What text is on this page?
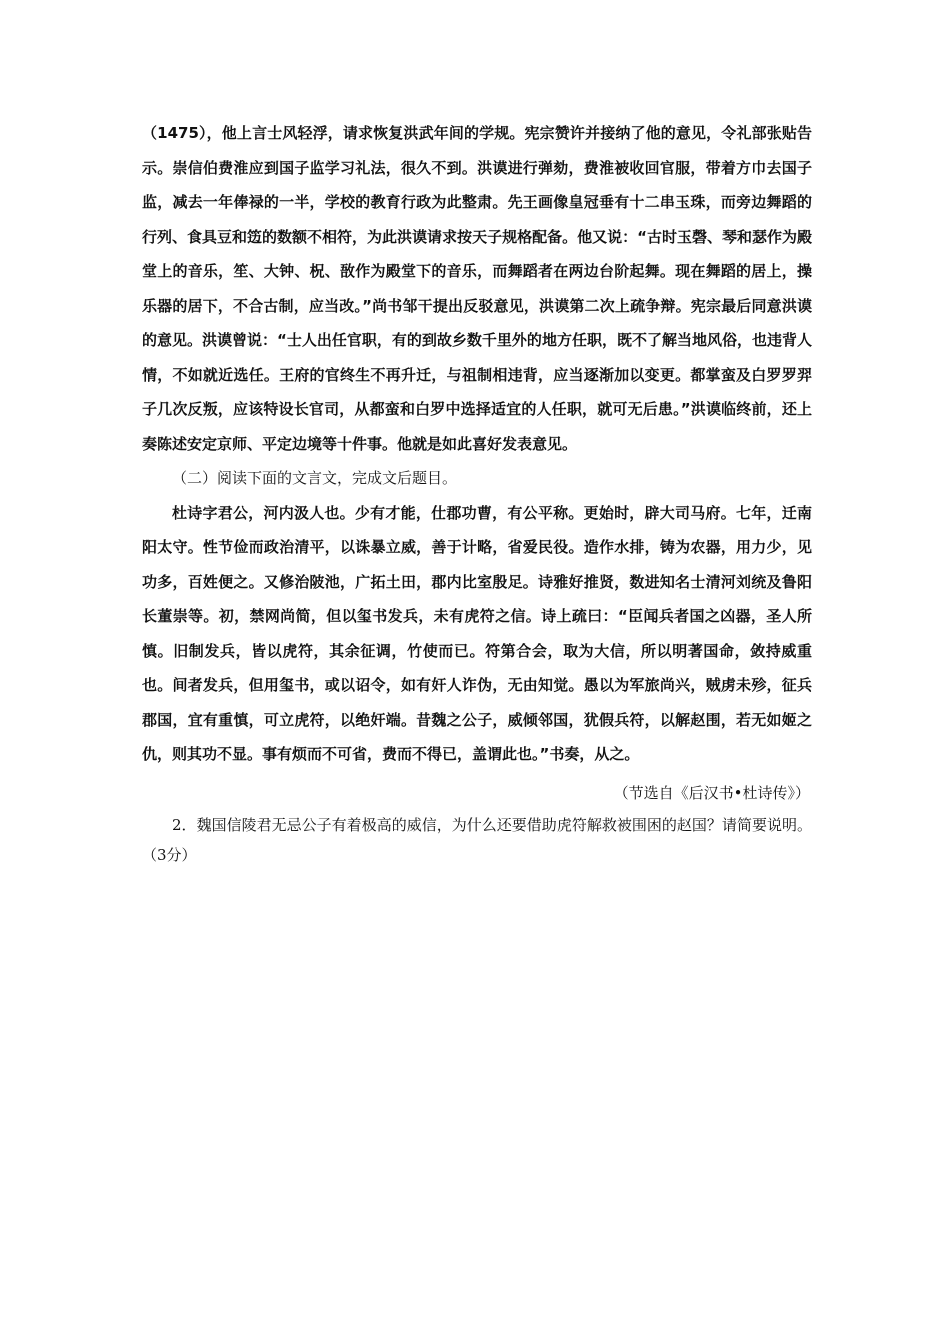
（1475），他上言士风轻浮，请求恢复洪武年间的学规。宪宗赞许并接纳了他的意见，令礼部张贴告示。崇信伯费淮应到国子监学习礼法，很久不到。洪谟进行弹劾，费淮被收回官服，带着方巾去国子监，减去一年俸禄的一半，学校的教育行政为此整肃。先王画像皇冠垂有十二串玉珠，而旁边舞蹈的行列、食具豆和笾的数额不相符，为此洪谟请求按天子规格配备。他又说：“古时玉磬、琴和瑟作为殿堂上的音乐，笙、大钟、柷、敔作为殿堂下的音乐，而舞蹈者在两边台阶起舞。现在舞蹈的居上，操乐器的居下，不合古制，应当改。”尚书邹干提出反驳意见，洪谟第二次上疏争辩。宪宗最后同意洪谟的意见。洪谟曾说：“士人出任官职，有的到故乡数千里外的地方任职，既不了解当地风俗，也违背人情，不如就近选任。王府的官终生不再升迁，与祖制相违背，应当逐渐加以变更。都掌蛮及白罗罗羿子几次反叛，应该特设长官司，从都蛮和白罗中选择适宜的人任职，就可无后患。”洪谟临终前，还上奏陈述安定京师、平定边境等十件事。他就是如此喜好发表意见。

（二）阅读下面的文言文，完成文后题目。

杜诗字君公，河内汲人也。少有才能，仕郡功曹，有公平称。更始时，辟大司马府。七年，迁南阳太守。性节俭而政治清平，以诛暴立威，善于计略，省爱民役。造作水排，铸为农器，用力少，见功多，百姓便之。又修治陂池，广拓土田，郡内比室殷足。诗雅好推贤，数进知名士清河刘统及鲁阳长董崇等。初，禁网尚简，但以玺书发兵，未有虎符之信。诗上疏曰：“臣闻兵者国之凶器，圣人所慎。旧制发兵，皆以虎符，其余征调，竹使而已。符第合会，取为大信，所以明著国命，敛持威重也。间者发兵，但用玺书，或以诏令，如有奸人诈伪，无由知觉。愚以为军旅尚兴，贼虏未殄，征兵郡国，宜有重慎，可立虎符，以绝奸端。昔魏之公子，威倾邻国，犹假兵符，以解赵围，若无如姬之仇，则其功不显。事有烦而不可省，费而不得已，盖谓此也。”书奏，从之。

（节选自《后汉书•杜诗传》）

2．魏国信陵君无忌公子有着极高的威信，为什么还要借助虎符解救被围困的赵国？请简要说明。（3分）
